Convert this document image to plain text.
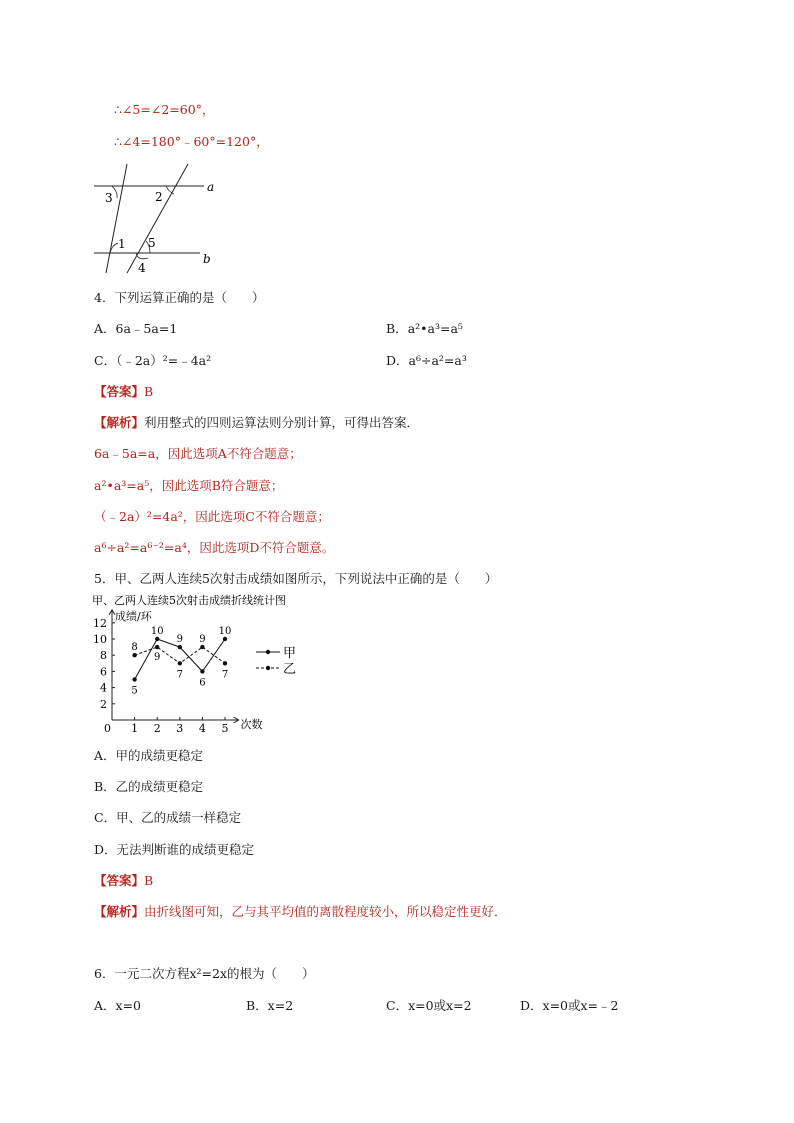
∴∠5=∠2=60°，
∴∠4=180°﹣60°=120°，
a
b
3	2
1 5
4
4．下列运算正确的是（　　）
A．6a﹣5a=1	B．a²•a³=a⁵
C．（﹣2a）²=﹣4a²	D．a⁶÷a²=a³
【答案】B
【解析】利用整式的四则运算法则分别计算，可得出答案．
6a﹣5a=a，因此选项A不符合题意；
a²•a³=a⁵，因此选项B符合题意；
（﹣2a）²=4a²，因此选项C不符合题意；
a⁶÷a²=a⁶⁻²=a⁴，因此选项D不符合题意。
5．甲、乙两人连续5次射击成绩如图所示，下列说法中正确的是（　　）
甲、乙两人连续5次射击成绩折线统计图
成绩/环
次数
0 1 2 3 4 5
2
4
6
8
10
12
5
10
9
6
10
8
9
7
9
7
甲
乙
A．甲的成绩更稳定
B．乙的成绩更稳定
C．甲、乙的成绩一样稳定
D．无法判断谁的成绩更稳定
【答案】B
【解析】由折线图可知，乙与其平均值的离散程度较小，所以稳定性更好．
6．一元二次方程x²=2x的根为（　　）
A．x=0	B．x=2	C．x=0或x=2	D．x=0或x=﹣2
